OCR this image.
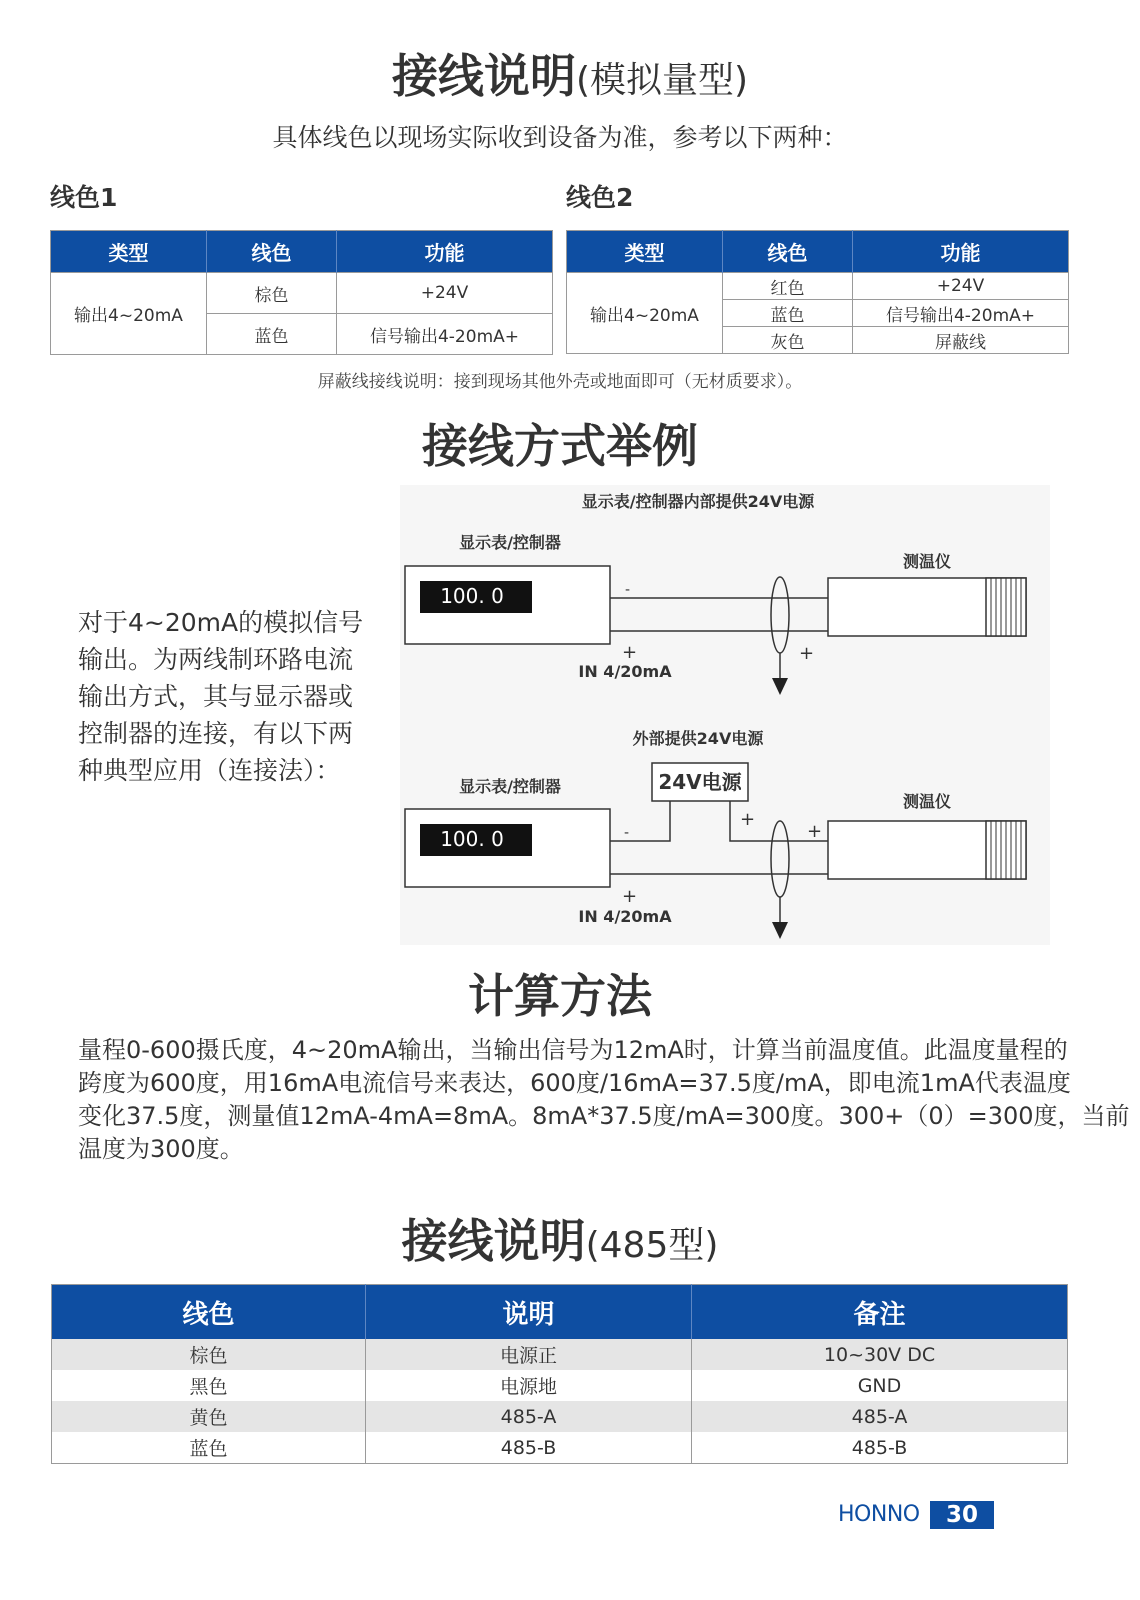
接线说明(模拟量型)
具体线色以现场实际收到设备为准，参考以下两种：
线色1	线色2
类型	线色	功能
输出4~20mA	棕色	+24V
	蓝色	信号输出4-20mA+
类型	线色	功能
输出4~20mA	红色	+24V
	蓝色	信号输出4-20mA+
	灰色	屏蔽线
屏蔽线接线说明：接到现场其他外壳或地面即可（无材质要求）。
接线方式举例
对于4~20mA的模拟信号输出。为两线制环路电流输出方式，其与显示器或控制器的连接，有以下两种典型应用（连接法）：
显示表/控制器内部提供24V电源
显示表/控制器
100. 0
测温仪
-
+	+
IN 4/20mA
外部提供24V电源
显示表/控制器
100. 0
24V电源
测温仪
-
+
+
+
IN 4/20mA
计算方法
量程0-600摄氏度，4~20mA输出，当输出信号为12mA时，计算当前温度值。此温度量程的
跨度为600度，用16mA电流信号来表达，600度/16mA=37.5度/mA，即电流1mA代表温度
变化37.5度，测量值12mA-4mA=8mA。8mA*37.5度/mA=300度。300+（0）=300度，当前
温度为300度。
接线说明(485型)
线色	说明	备注
棕色	电源正	10~30V DC
黑色	电源地	GND
黄色	485-A	485-A
蓝色	485-B	485-B
HONNO	30
